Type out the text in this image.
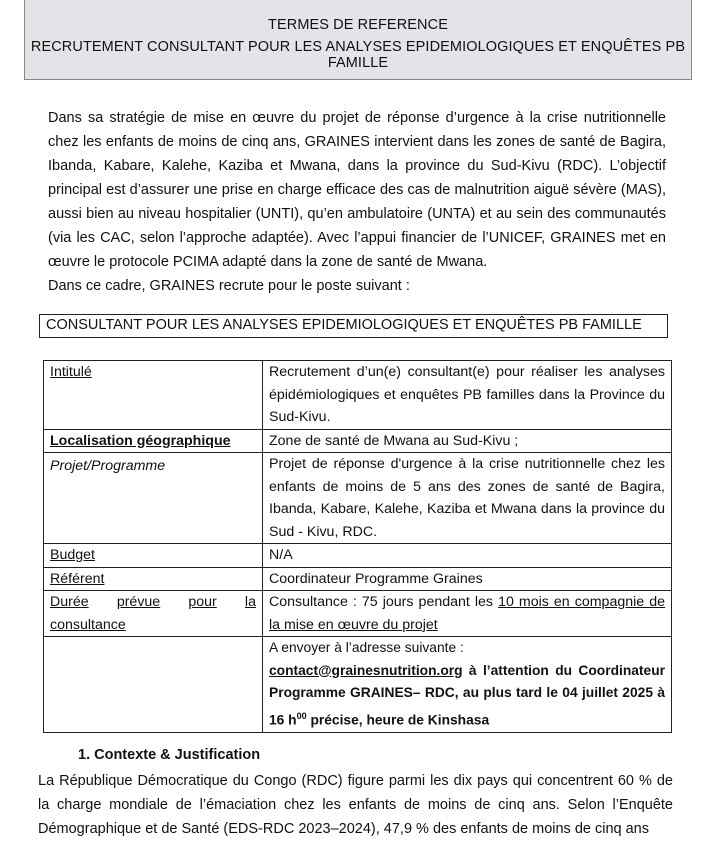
TERMES DE REFERENCE
RECRUTEMENT CONSULTANT POUR LES ANALYSES EPIDEMIOLOGIQUES ET ENQUÊTES PB FAMILLE
Dans sa stratégie de mise en œuvre du projet de réponse d’urgence à la crise nutritionnelle chez les enfants de moins de cinq ans, GRAINES intervient dans les zones de santé de Bagira, Ibanda, Kabare, Kalehe, Kaziba et Mwana, dans la province du Sud-Kivu (RDC). L’objectif principal est d’assurer une prise en charge efficace des cas de malnutrition aiguë sévère (MAS), aussi bien au niveau hospitalier (UNTI), qu’en ambulatoire (UNTA) et au sein des communautés (via les CAC, selon l’approche adaptée). Avec l’appui financier de l’UNICEF, GRAINES met en œuvre le protocole PCIMA adapté dans la zone de santé de Mwana.
Dans ce cadre, GRAINES recrute pour le poste suivant :
CONSULTANT POUR LES ANALYSES EPIDEMIOLOGIQUES ET ENQUÊTES PB FAMILLE
Intitulé	Recrutement d’un(e) consultant(e) pour réaliser les analyses épidémiologiques et enquêtes PB familles dans la Province du Sud-Kivu.
Localisation géographique	Zone de santé de Mwana au Sud-Kivu ;
Projet/Programme	Projet de réponse d'urgence à la crise nutritionnelle chez les enfants de moins de 5 ans des zones de santé de Bagira, Ibanda, Kabare, Kalehe, Kaziba et Mwana dans la province du Sud - Kivu, RDC.
Budget	N/A
Référent	Coordinateur Programme Graines

Durée prévue pour la
consultance	Consultance : 75 jours pendant les 10 mois en compagnie de la mise en œuvre du projet

	A envoyer à l’adresse suivante :
contact@grainesnutrition.org à l’attention du Coordinateur Programme GRAINES– RDC, au plus tard le 04 juillet 2025 à 16 $h^{00}$ précise, heure de Kinshasa
1. Contexte & Justification
La République Démocratique du Congo (RDC) figure parmi les dix pays qui concentrent 60 % de la charge mondiale de l’émaciation chez les enfants de moins de cinq ans. Selon l’Enquête Démographique et de Santé (EDS-RDC 2023–2024), 47,9 % des enfants de moins de cinq ans
